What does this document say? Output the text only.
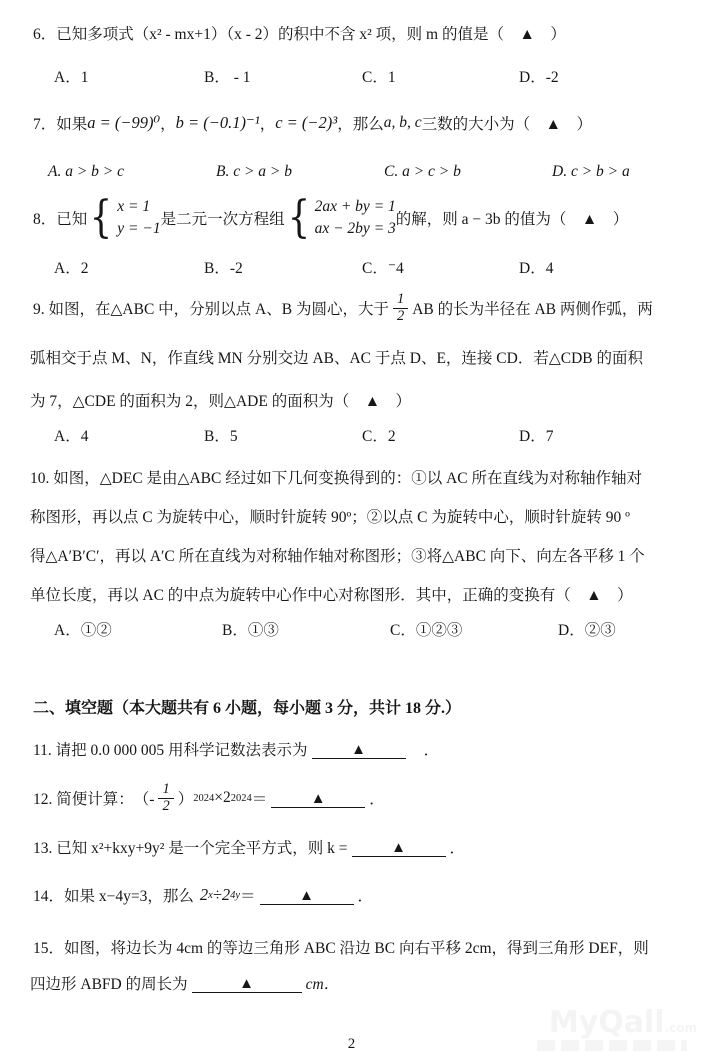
6．已知多项式（x² - mx+1）（x - 2）的积中不含 x² 项，则 m 的值是（　▲　）
A．1	B． - 1	C．1	D．-2
7．如果 a = (−99)⁰ ， b = (−0.1)⁻¹ ， c = (−2)³ ，那么 a, b, c 三数的大小为（　▲　）
A. a > b > c	B. c > a > b	C. a > c > b	D. c > b > a
8．已知 { x = 1
y = −1
是二元一次方程组 { 2ax + by = 1
ax − 2by = 3
的解，则 a − 3b 的值为（　▲　）
A．2	B．-2	C．⁻4	D．4
9. 如图，在△ABC 中，分别以点 A、B 为圆心，大于 $\frac{1}{2}$ AB 的长为半径在 AB 两侧作弧，两
弧相交于点 M、N，作直线 MN 分别交边 AB、AC 于点 D、E，连接 CD．若△CDB 的面积
为 7，△CDE 的面积为 2，则△ADE 的面积为（　▲　）
A．4	B．5	C．2	D．7
10. 如图，△DEC 是由△ABC 经过如下几何变换得到的：①以 AC 所在直线为对称轴作轴对
称图形，再以点 C 为旋转中心，顺时针旋转 90º；②以点 C 为旋转中心，顺时针旋转 90 º
得△A′B′C′，再以 A′C 所在直线为对称轴作轴对称图形；③将△ABC 向下、向左各平移 1 个
单位长度，再以 AC 的中点为旋转中心作中心对称图形．其中，正确的变换有（　▲　）
A．①②	B．①③	C．①②③	D．②③
二、填空题（本大题共有 6 小题，每小题 3 分，共计 18 分.）
11. 请把 0.0 000 005 用科学记数法表示为	▲	．
12. 简便计算： （- $\frac{1}{2}$ ） 2024 ×2 2024 ＝	▲	．
13. 已知 x²+kxy+9y² 是一个完全平方式，则 k =	▲	．
14．如果 x−4y=3，那么 2 x ÷2 4y ＝	▲	．
15．如图，将边长为 4cm 的等边三角形 ABC 沿边 BC 向右平移 2cm，得到三角形 DEF，则
四边形 ABFD 的周长为	▲	cm．
MyQall.com
2
